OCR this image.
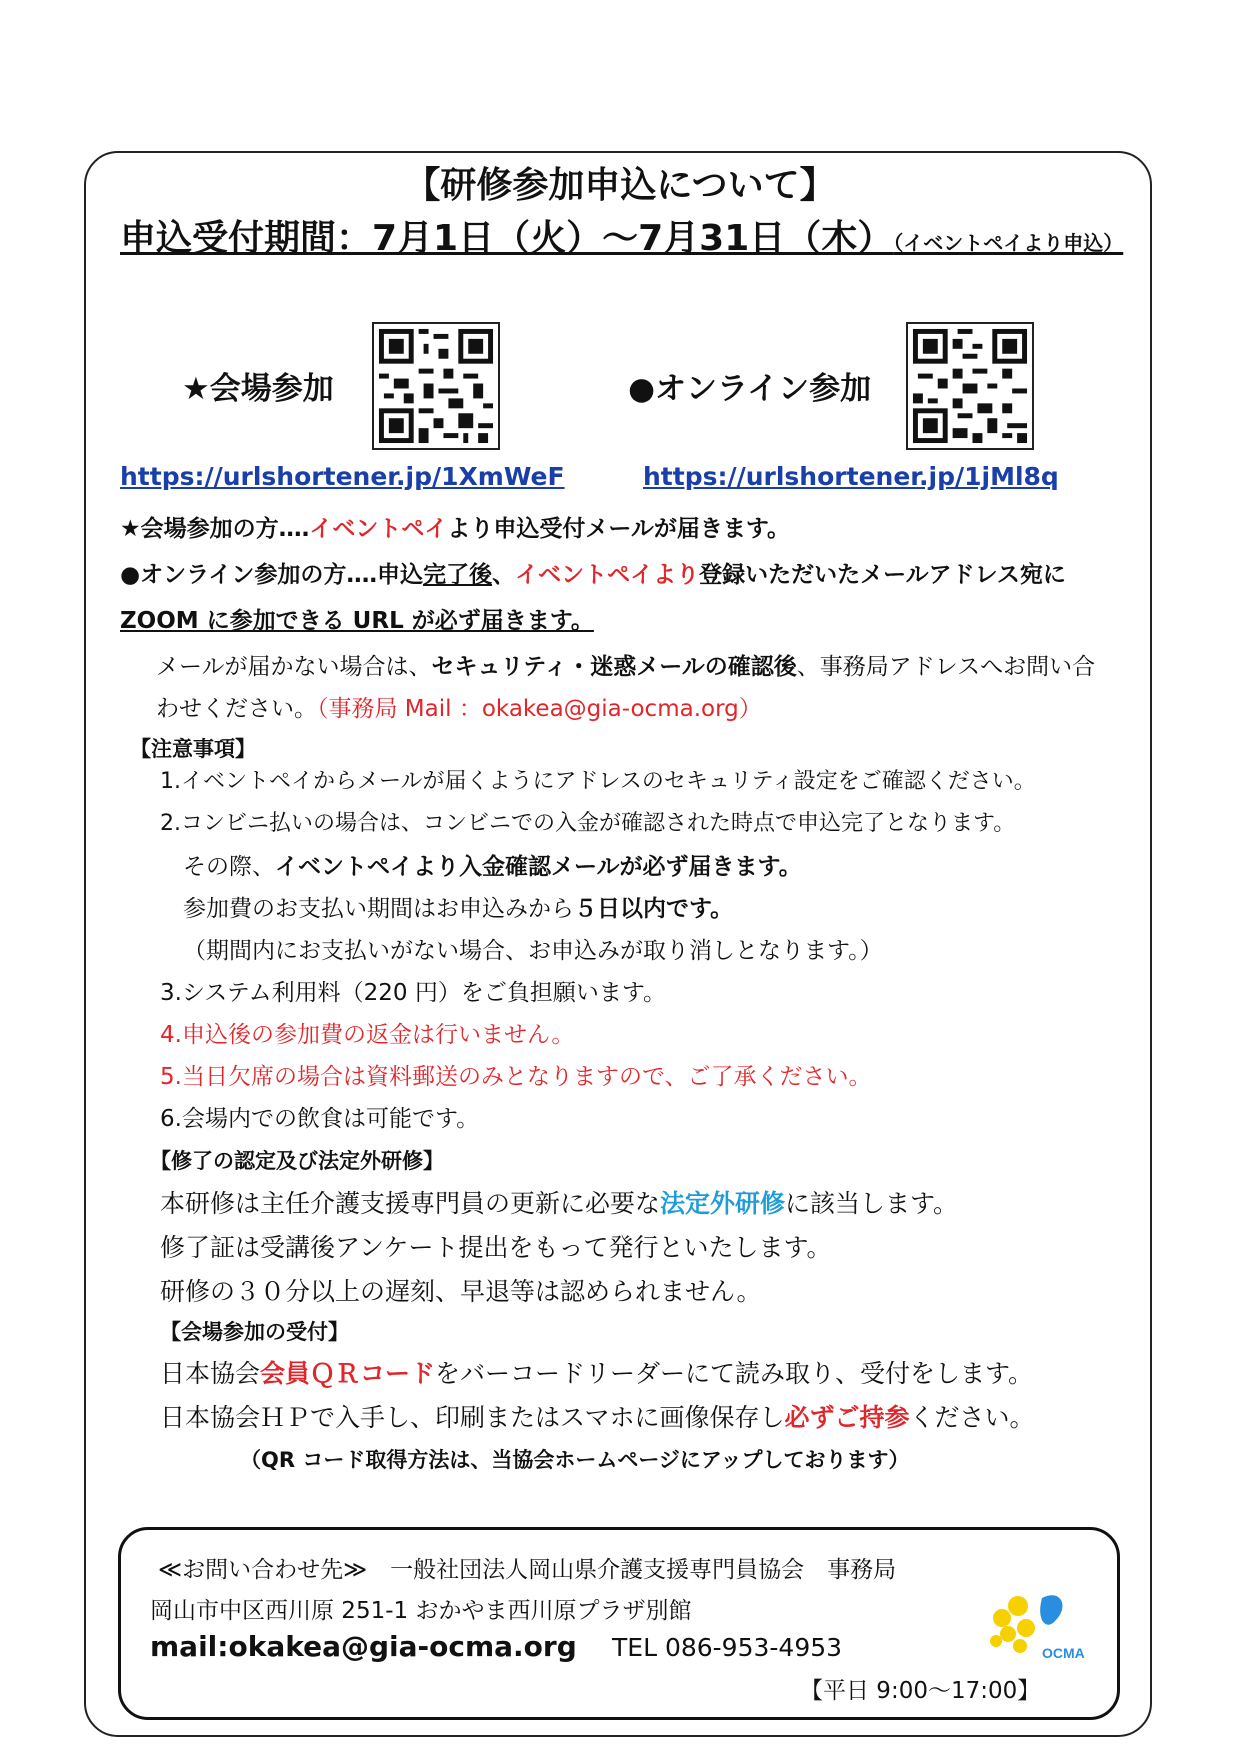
【研修参加申込について】
申込受付期間：7月1日（火）～7月31日（木）（イベントペイより申込）
★会場参加
https://urlshortener.jp/1XmWeF
●オンライン参加
https://urlshortener.jp/1jMl8q
★会場参加の方‥‥イベントペイより申込受付メールが届きます。
●オンライン参加の方‥‥申込完了後、イベントペイより登録いただいたメールアドレス宛に
ZOOM に参加できる URL が必ず届きます。
メールが届かない場合は、セキュリティ・迷惑メールの確認後、事務局アドレスへお問い合
わせください。（事務局 Mail ：okakea@gia-ocma.org）
【注意事項】
1.イベントペイからメールが届くようにアドレスのセキュリティ設定をご確認ください。
2.コンビニ払いの場合は、コンビニでの入金が確認された時点で申込完了となります。
その際、イベントペイより入金確認メールが必ず届きます。
参加費のお支払い期間はお申込みから５日以内です。
（期間内にお支払いがない場合、お申込みが取り消しとなります。）
3.システム利用料（220 円）をご負担願います。
4.申込後の参加費の返金は行いません。
5.当日欠席の場合は資料郵送のみとなりますので、ご了承ください。
6.会場内での飲食は可能です。
【修了の認定及び法定外研修】
本研修は主任介護支援専門員の更新に必要な法定外研修に該当します。
修了証は受講後アンケート提出をもって発行といたします。
研修の３０分以上の遅刻、早退等は認められません。
【会場参加の受付】
日本協会会員ＱＲコードをバーコードリーダーにて読み取り、受付をします。
日本協会ＨＰで入手し、印刷またはスマホに画像保存し必ずご持参ください。
（QR コード取得方法は、当協会ホームページにアップしております）
≪お問い合わせ先≫　一般社団法人岡山県介護支援専門員協会　事務局
岡山市中区西川原 251-1 おかやま西川原プラザ別館
mail:okakea@gia-ocma.org TEL 086-953-4953
【平日 9:00～17:00】
OCMA
